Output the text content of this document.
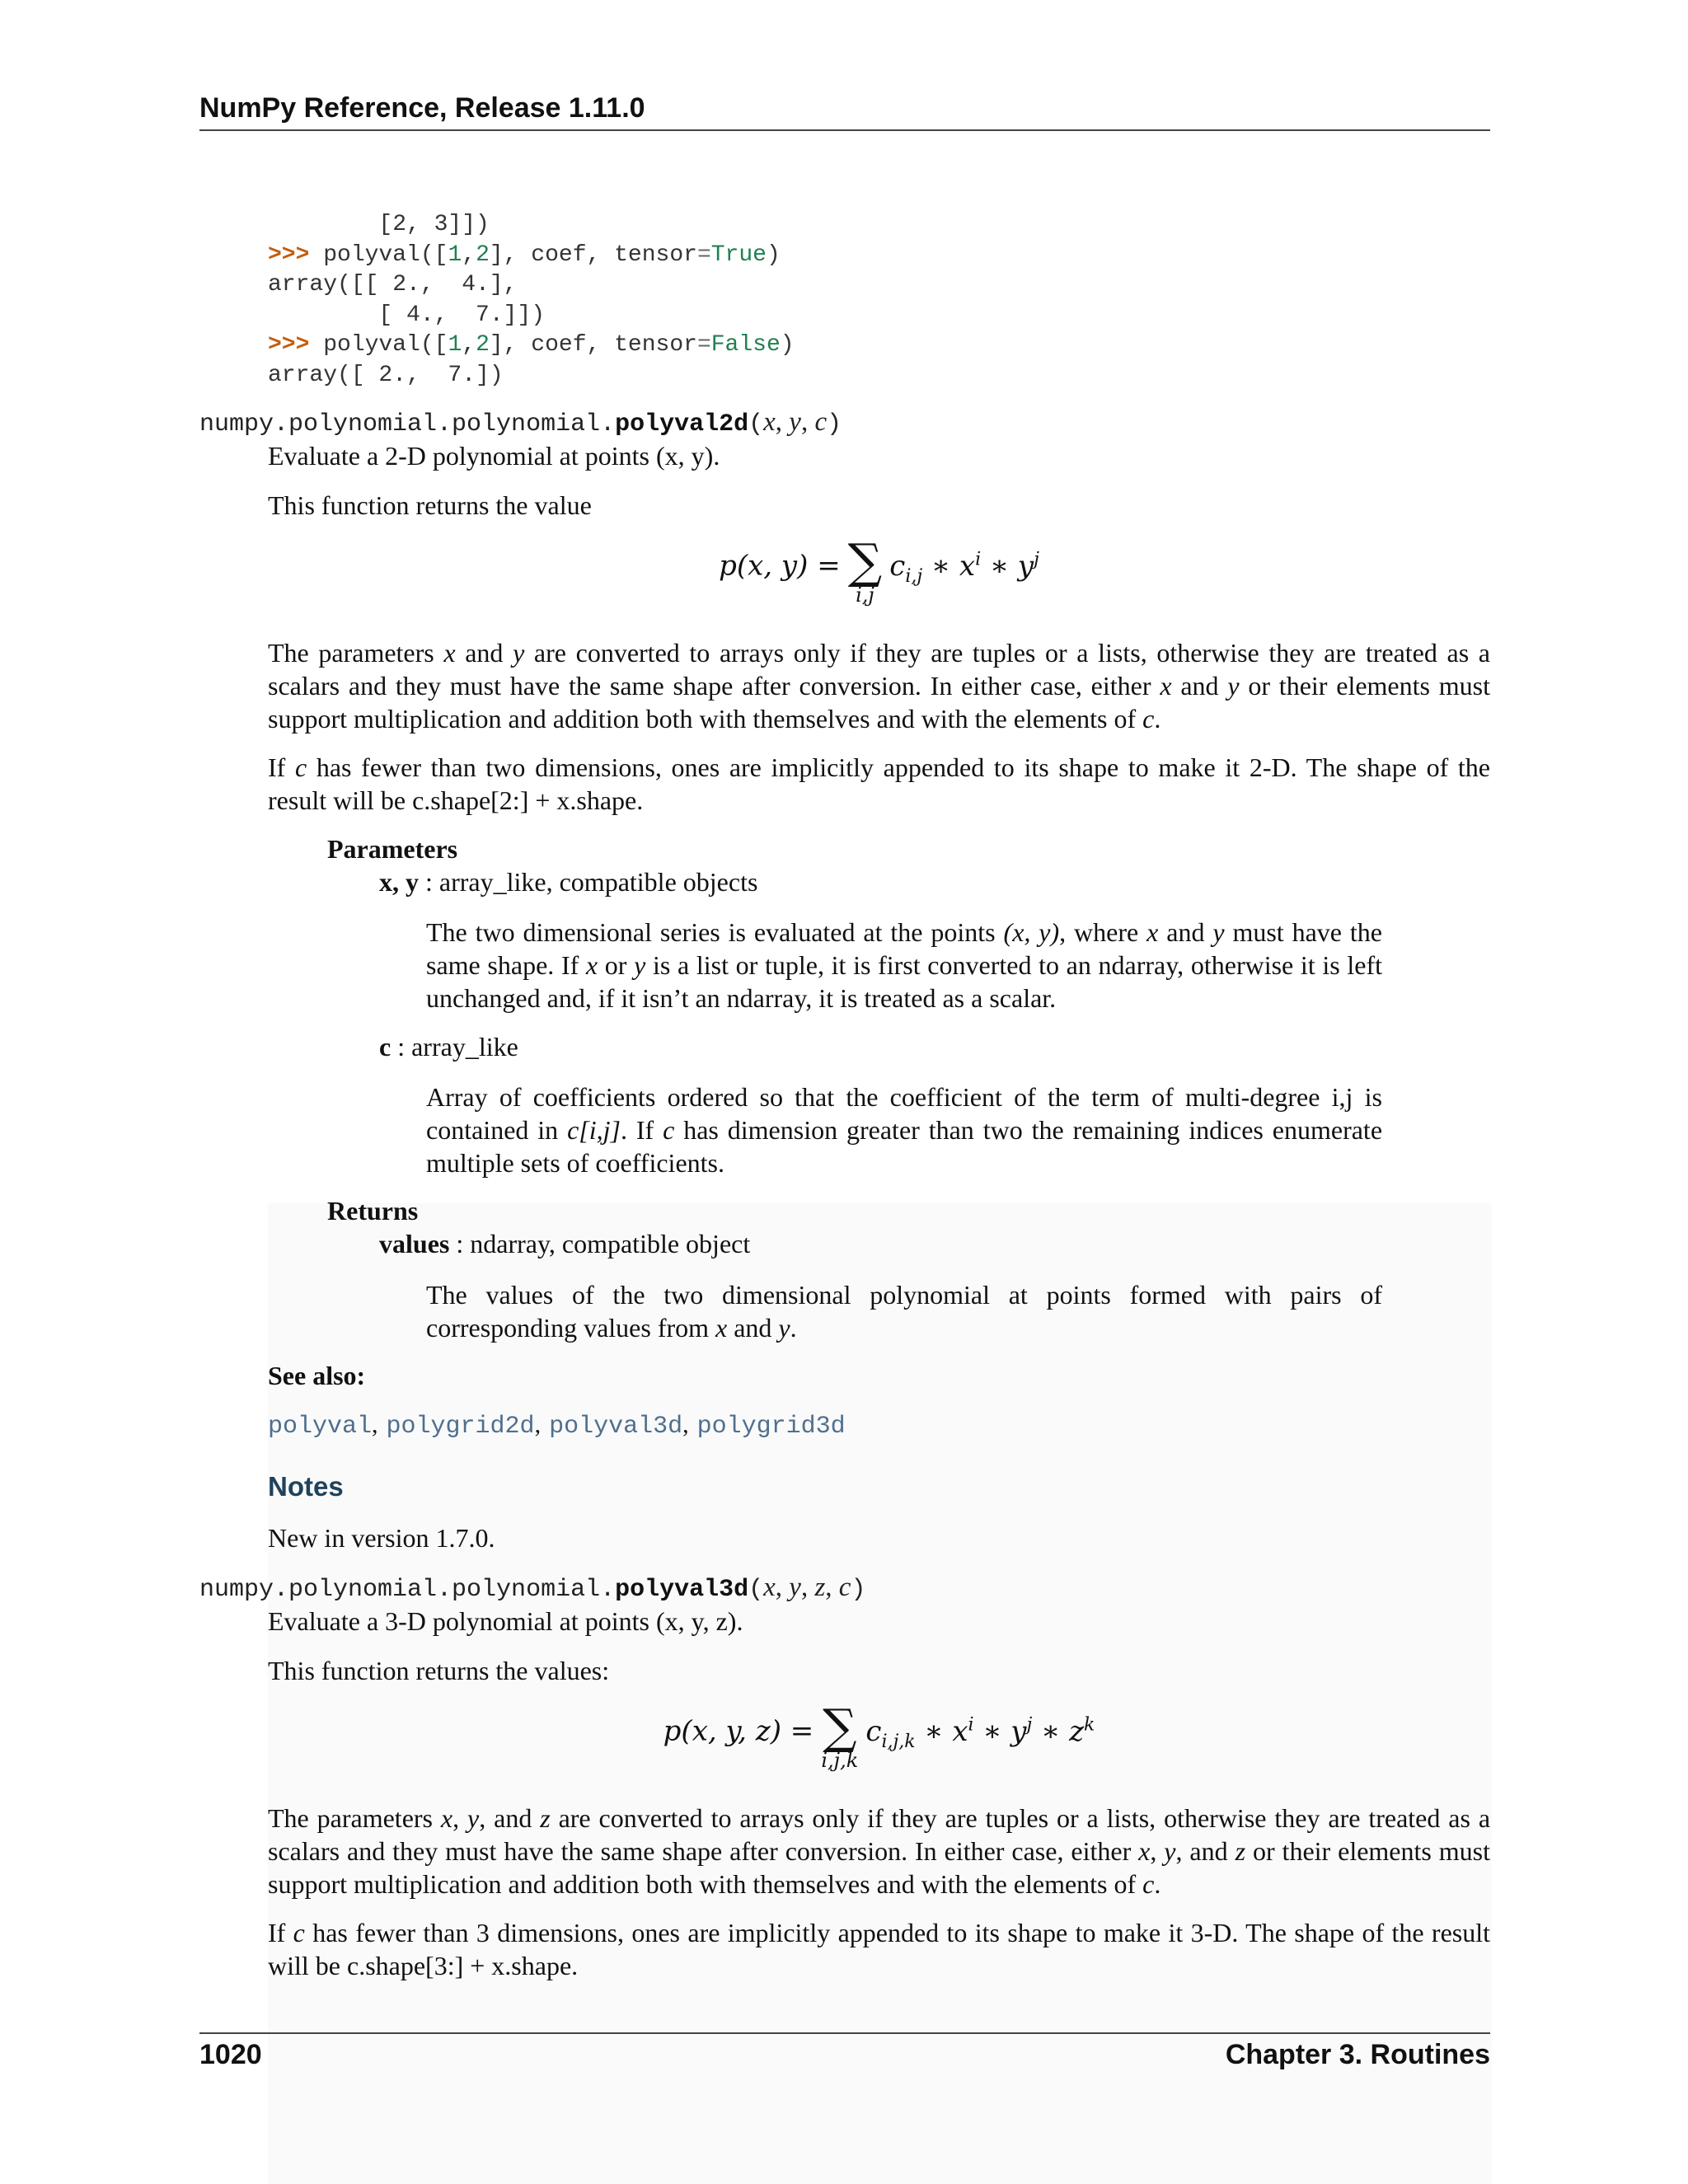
NumPy Reference, Release 1.11.0
[2, 3]])
>>> polyval([1,2], coef, tensor=True)
array([[ 2.,  4.],
[ 4.,  7.]])
>>> polyval([1,2], coef, tensor=False)
array([ 2.,  7.])
numpy.polynomial.polynomial.polyval2d(x, y, c)
Evaluate a 2-D polynomial at points (x, y).
This function returns the value
p(x, y) = ∑
i,j
$c_{i,j}$ ∗ $x^i$ ∗ $y^j$
The parameters x and y are converted to arrays only if they are tuples or a lists, otherwise they are treated as a scalars and they must have the same shape after conversion. In either case, either x and y or their elements must support multiplication and addition both with themselves and with the elements of c.
If c has fewer than two dimensions, ones are implicitly appended to its shape to make it 2-D. The shape of the result will be c.shape[2:] + x.shape.
Parameters
x, y : array_like, compatible objects
The two dimensional series is evaluated at the points (x, y), where x and y must have the same shape. If x or y is a list or tuple, it is first converted to an ndarray, otherwise it is left unchanged and, if it isn’t an ndarray, it is treated as a scalar.
c : array_like
Array of coefficients ordered so that the coefficient of the term of multi-degree i,j is contained in c[i,j]. If c has dimension greater than two the remaining indices enumerate multiple sets of coefficients.
Returns
values : ndarray, compatible object
The values of the two dimensional polynomial at points formed with pairs of corresponding values from x and y.
See also:
polyval, polygrid2d, polyval3d, polygrid3d
Notes
New in version 1.7.0.
numpy.polynomial.polynomial.polyval3d(x, y, z, c)
Evaluate a 3-D polynomial at points (x, y, z).
This function returns the values:
p(x, y, z) = ∑
i,j,k
$c_{i,j,k}$ ∗ $x^i$ ∗ $y^j$ ∗ $z^k$
The parameters x, y, and z are converted to arrays only if they are tuples or a lists, otherwise they are treated as a scalars and they must have the same shape after conversion. In either case, either x, y, and z or their elements must support multiplication and addition both with themselves and with the elements of c.
If c has fewer than 3 dimensions, ones are implicitly appended to its shape to make it 3-D. The shape of the result will be c.shape[3:] + x.shape.
1020	Chapter 3. Routines
